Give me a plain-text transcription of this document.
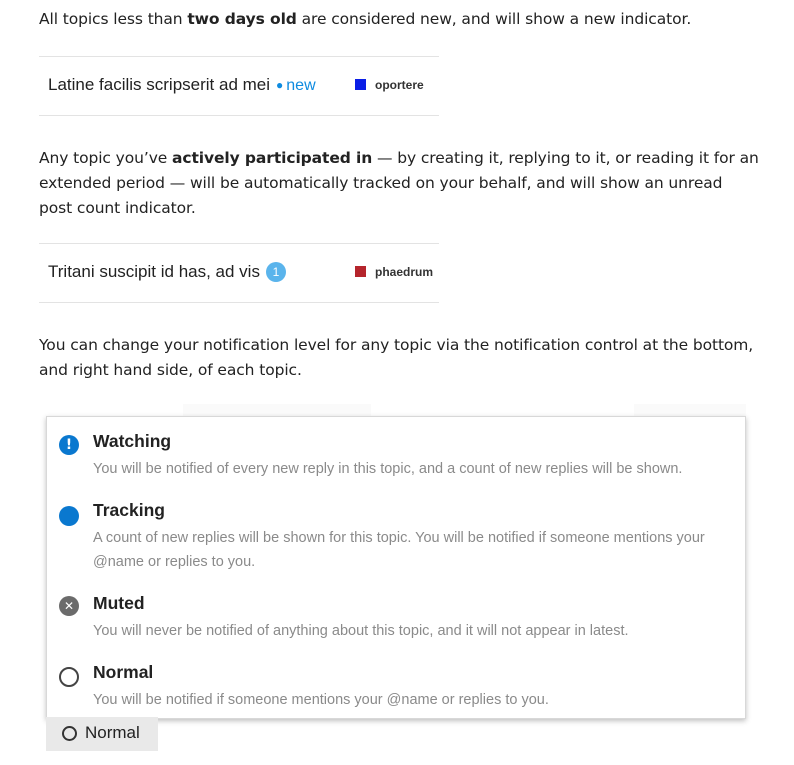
All topics less than two days old are considered new, and will show a new indicator.
Latine facilis scripserit ad mei ● new	oportere
Any topic you’ve actively participated in — by creating it, replying to it, or reading it for an extended period — will be automatically tracked on your behalf, and will show an unread post count indicator.
Tritani suscipit id has, ad vis 1	phaedrum
You can change your notification level for any topic via the notification control at the bottom, and right hand side, of each topic.
!	Watching
You will be notified of every new reply in this topic, and a count of new replies will be shown.
Tracking
A count of new replies will be shown for this topic. You will be notified if someone mentions your @name or replies to you.
✕ Muted
You will never be notified of anything about this topic, and it will not appear in latest.
Normal
You will be notified if someone mentions your @name or replies to you.
Normal
